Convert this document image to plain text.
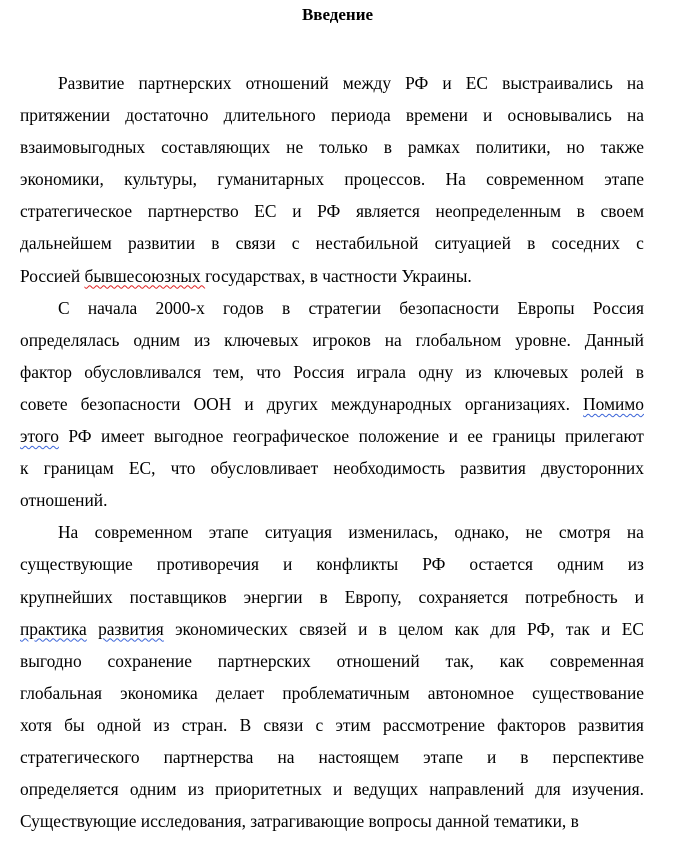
Введение
Развитие партнерских отношений между РФ и ЕС выстраивались на
притяжении достаточно длительного периода времени и основывались на
взаимовыгодных составляющих не только в рамках политики, но также
экономики, культуры, гуманитарных процессов. На современном этапе
стратегическое партнерство ЕС и РФ является неопределенным в своем
дальнейшем развитии в связи с нестабильной ситуацией в соседних с
Россией бывшесоюзных государствах, в частности Украины.
С начала 2000-х годов в стратегии безопасности Европы Россия
определялась одним из ключевых игроков на глобальном уровне. Данный
фактор обусловливался тем, что Россия играла одну из ключевых ролей в
совете безопасности ООН и других международных организациях. Помимо
этого РФ имеет выгодное географическое положение и ее границы прилегают
к границам ЕС, что обусловливает необходимость развития двусторонних
отношений.
На современном этапе ситуация изменилась, однако, не смотря на
существующие противоречия и конфликты РФ остается одним из
крупнейших поставщиков энергии в Европу, сохраняется потребность и
практика развития экономических связей и в целом как для РФ, так и ЕС
выгодно сохранение партнерских отношений так, как современная
глобальная экономика делает проблематичным автономное существование
хотя бы одной из стран. В связи с этим рассмотрение факторов развития
стратегического партнерства на настоящем этапе и в перспективе
определяется одним из приоритетных и ведущих направлений для изучения.
Существующие исследования, затрагивающие вопросы данной тематики, в
